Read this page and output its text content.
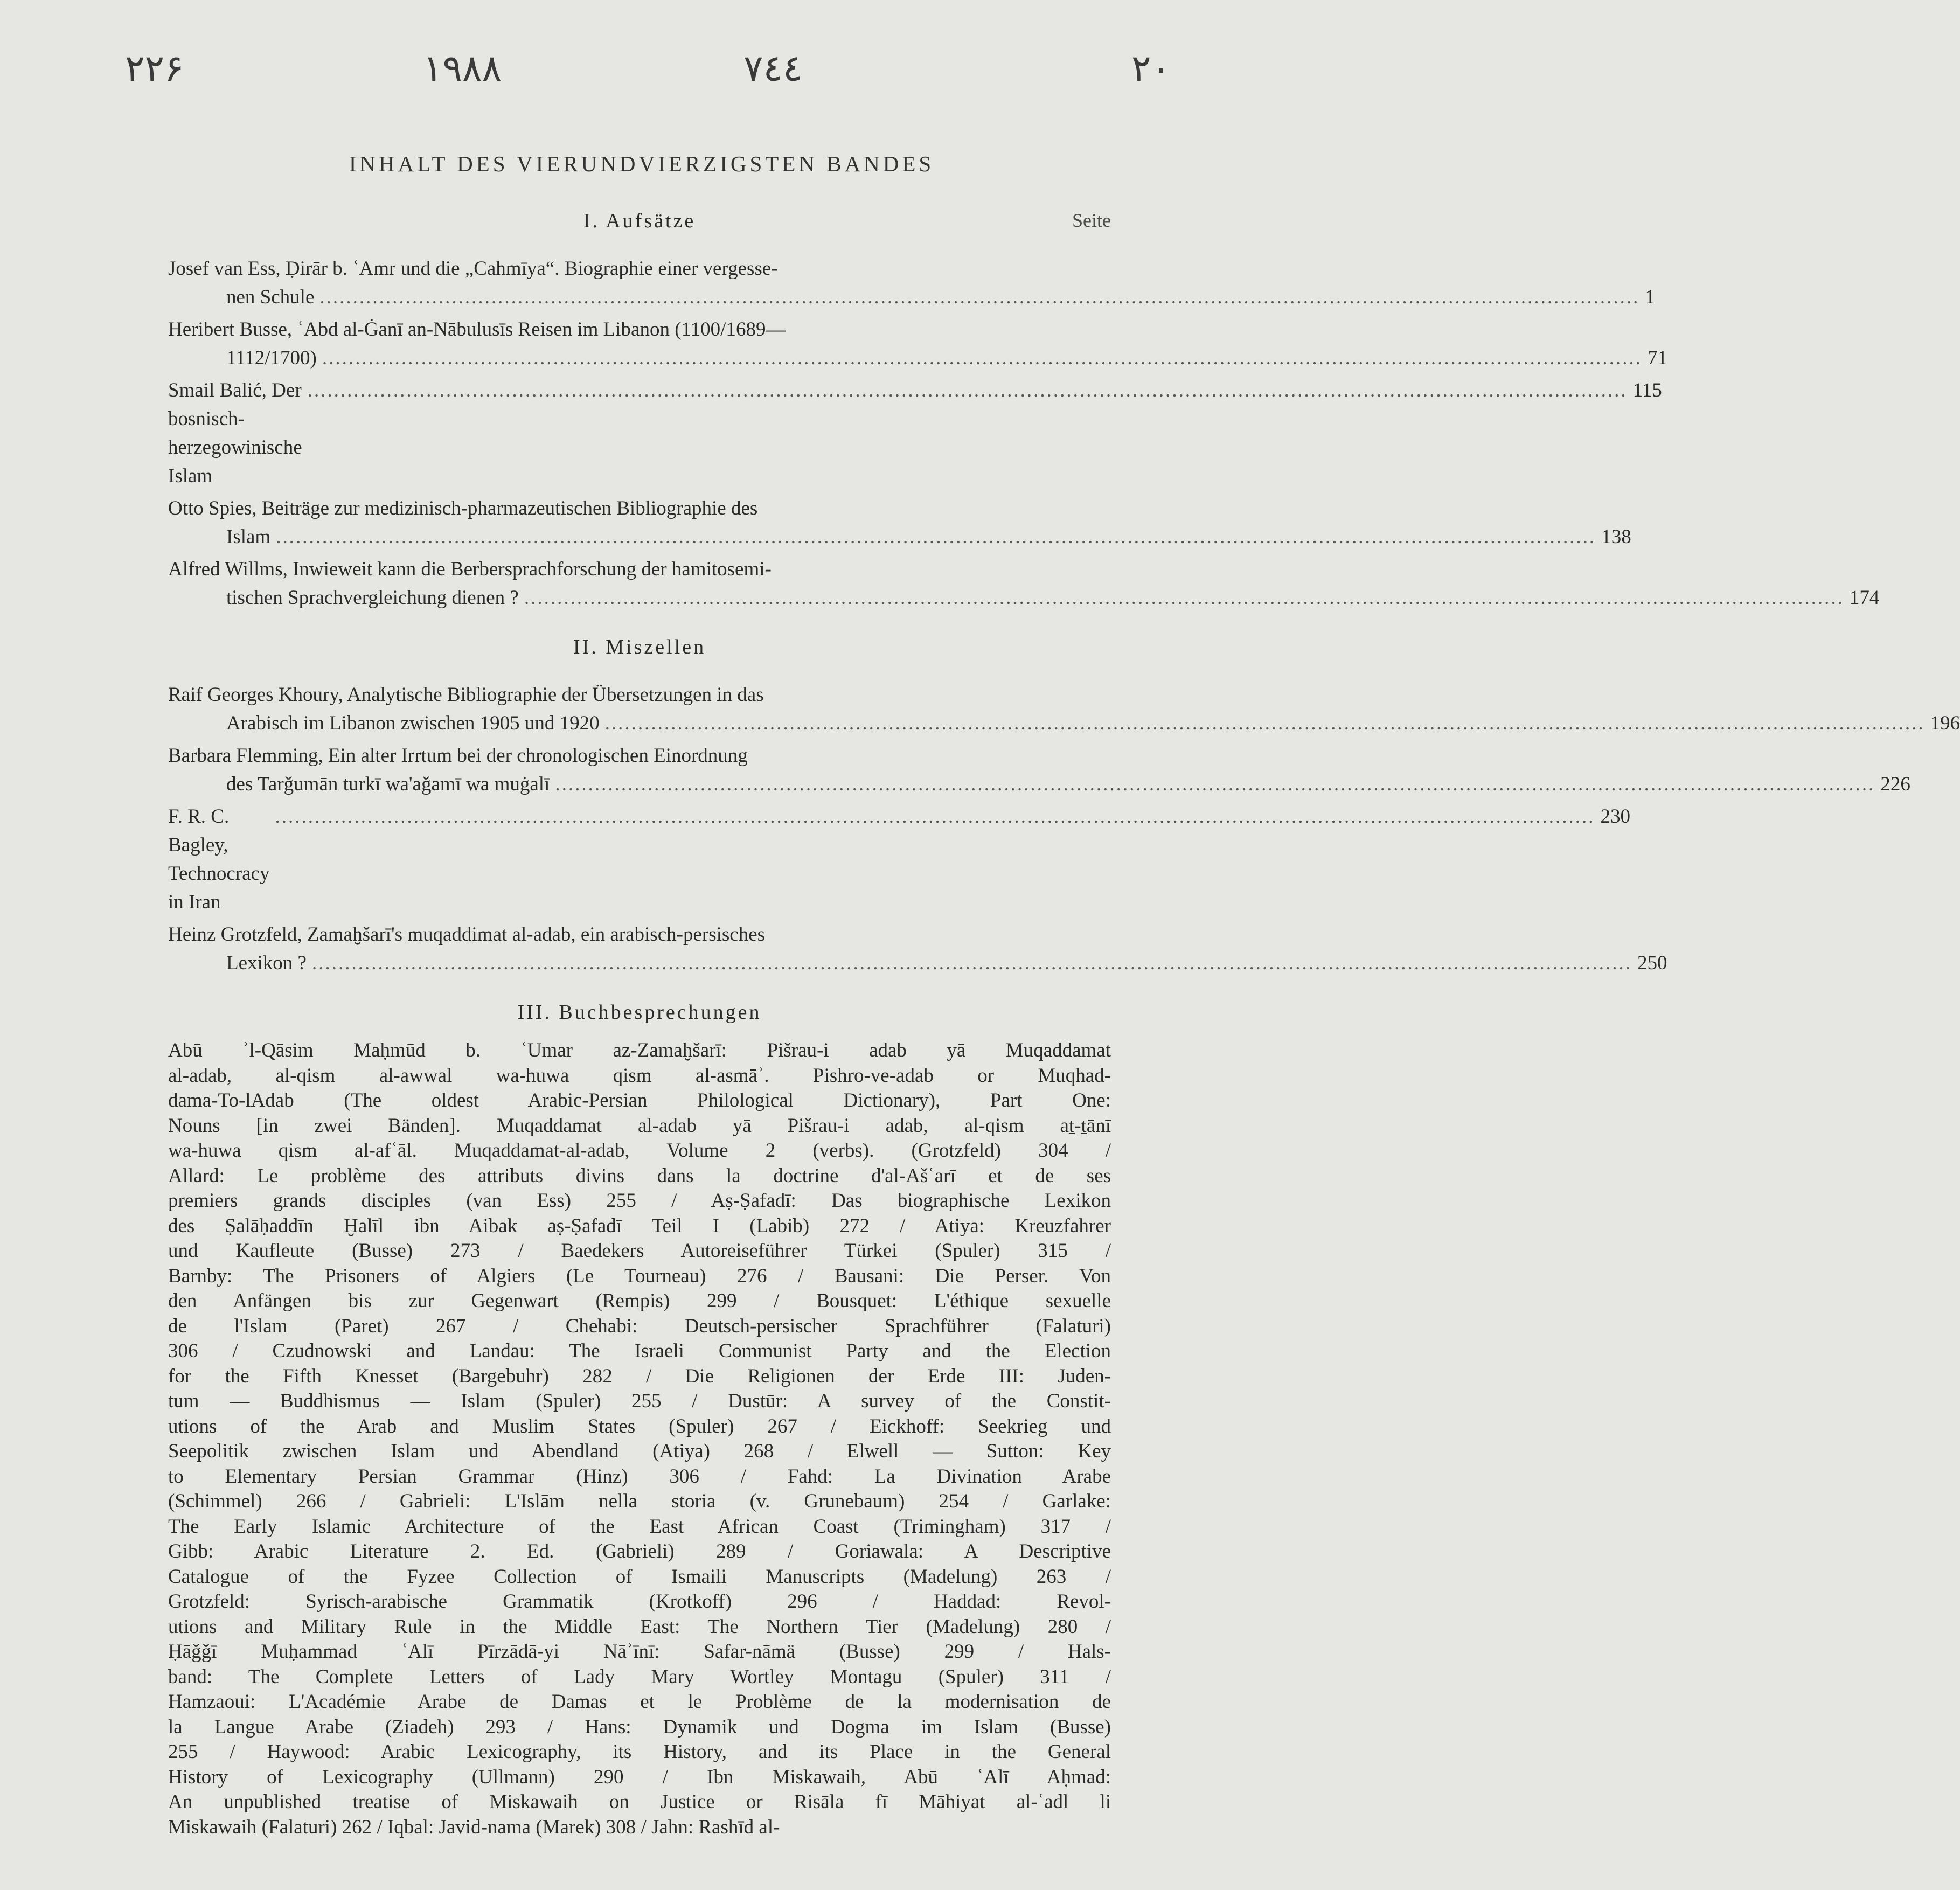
٢٢۶	١٩٨٨	٧٤٤	٢٠
INHALT DES VIERUNDVIERZIGSTEN BANDES
I. Aufsätze	Seite
Josef van Ess, Ḍirār b. ʿAmr und die „Cahmīya“. Biographie einer vergesse-
nen Schule ........................................................................................................................................................................................................ 1
Heribert Busse, ʿAbd al-Ġanī an-Nābulusīs Reisen im Libanon (1100/1689—
1112/1700) ........................................................................................................................................................................................................ 71
Smail Balić, Der bosnisch-herzegowinische Islam
........................................................................................................................................................................................................ 115
Otto Spies, Beiträge zur medizinisch-pharmazeutischen Bibliographie des
Islam ........................................................................................................................................................................................................ 138
Alfred Willms, Inwieweit kann die Berbersprachforschung der hamitosemi-
tischen Sprachvergleichung dienen ? ........................................................................................................................................................................................................ 174
II. Miszellen
Raif Georges Khoury, Analytische Bibliographie der Übersetzungen in das
Arabisch im Libanon zwischen 1905 und 1920 ........................................................................................................................................................................................................ 196
Barbara Flemming, Ein alter Irrtum bei der chronologischen Einordnung
des Tarǧumān turkī wa'aǧamī wa muġalī ........................................................................................................................................................................................................ 226
F. R. C. Bagley, Technocracy in Iran
........................................................................................................................................................................................................ 230
Heinz Grotzfeld, Zamaḫšarī's muqaddimat al-adab, ein arabisch-persisches
Lexikon ? ........................................................................................................................................................................................................ 250
III. Buchbesprechungen
Abū ʾl-Qāsim Maḥmūd b. ʿUmar az-Zamaḫšarī: Pišrau-i adab yā Muqaddamat
al-adab, al-qism al-awwal wa-huwa qism al-asmāʾ. Pishro-ve-adab or Muqhad-
dama-To-lAdab (The oldest Arabic-Persian Philological Dictionary), Part One:
Nouns [in zwei Bänden]. Muqaddamat al-adab yā Pišrau-i adab, al-qism aṯ-ṯānī
wa-huwa qism al-afʿāl. Muqaddamat-al-adab, Volume 2 (verbs). (Grotzfeld) 304 /
Allard: Le problème des attributs divins dans la doctrine d'al-Ašʿarī et de ses
premiers grands disciples (van Ess) 255 / Aṣ-Ṣafadī: Das biographische Lexikon
des Ṣalāḥaddīn Ḫalīl ibn Aibak aṣ-Ṣafadī Teil I (Labib) 272 / Atiya: Kreuzfahrer
und Kaufleute (Busse) 273 / Baedekers Autoreiseführer Türkei (Spuler) 315 /
Barnby: The Prisoners of Algiers (Le Tourneau) 276 / Bausani: Die Perser. Von
den Anfängen bis zur Gegenwart (Rempis) 299 / Bousquet: L'éthique sexuelle
de l'Islam (Paret) 267 / Chehabi: Deutsch-persischer Sprachführer (Falaturi)
306 / Czudnowski and Landau: The Israeli Communist Party and the Election
for the Fifth Knesset (Bargebuhr) 282 / Die Religionen der Erde III: Juden-
tum — Buddhismus — Islam (Spuler) 255 / Dustūr: A survey of the Constit-
utions of the Arab and Muslim States (Spuler) 267 / Eickhoff: Seekrieg und
Seepolitik zwischen Islam und Abendland (Atiya) 268 / Elwell — Sutton: Key
to Elementary Persian Grammar (Hinz) 306 / Fahd: La Divination Arabe
(Schimmel) 266 / Gabrieli: L'Islām nella storia (v. Grunebaum) 254 / Garlake:
The Early Islamic Architecture of the East African Coast (Trimingham) 317 /
Gibb: Arabic Literature 2. Ed. (Gabrieli) 289 / Goriawala: A Descriptive
Catalogue of the Fyzee Collection of Ismaili Manuscripts (Madelung) 263 /
Grotzfeld: Syrisch-arabische Grammatik (Krotkoff) 296 / Haddad: Revol-
utions and Military Rule in the Middle East: The Northern Tier (Madelung) 280 /
Ḥāǧǧī Muḥammad ʿAlī Pīrzādā-yi Nāʾīnī: Safar-nāmä (Busse) 299 / Hals-
band: The Complete Letters of Lady Mary Wortley Montagu (Spuler) 311 /
Hamzaoui: L'Académie Arabe de Damas et le Problème de la modernisation de
la Langue Arabe (Ziadeh) 293 / Hans: Dynamik und Dogma im Islam (Busse)
255 / Haywood: Arabic Lexicography, its History, and its Place in the General
History of Lexicography (Ullmann) 290 / Ibn Miskawaih, Abū ʿAlī Aḥmad:
An unpublished treatise of Miskawaih on Justice or Risāla fī Māhiyat al-ʿadl li
Miskawaih (Falaturi) 262 / Iqbal: Javid-nama (Marek) 308 / Jahn: Rashīd al-
